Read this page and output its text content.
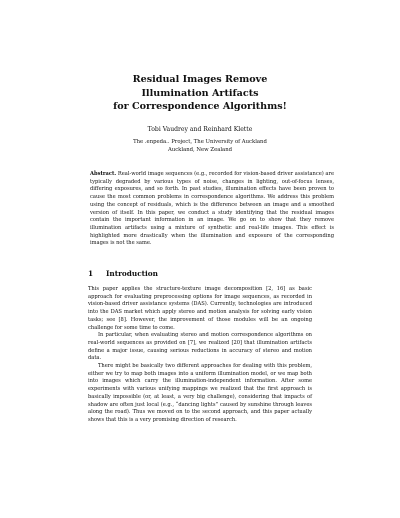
Residual Images Remove
Illumination Artifacts
for Correspondence Algorithms!
Tobi Vaudrey and Reinhard Klette
The .enpeda.. Project, The University of Auckland
Auckland, New Zealand
Abstract. Real-world image sequences (e.g., recorded for vision-based driver assistance) are typically degraded by various types of noise, changes in lighting, out-of-focus lenses, differing exposures, and so forth. In past studies, illumination effects have been proven to cause the most common problems in correspondence algorithms. We address this problem using the concept of residuals, which is the difference between an image and a smoothed version of itself. In this paper, we conduct a study identifying that the residual images contain the important information in an image. We go on to show that they remove illumination artifacts using a mixture of synthetic and real-life images. This effect is highlighted more drastically when the illumination and exposure of the corresponding images is not the same.
1 Introduction

This paper applies the structure-texture image decomposition [2, 16] as basic approach for evaluating preprocessing options for image sequences, as recorded in vision-based driver assistance systems (DAS). Currently, technologies are introduced into the DAS market which apply stereo and motion analysis for solving early vision tasks; see [8]. However, the improvement of those modules will be an ongoing challenge for some time to come.

In particular, when evaluating stereo and motion correspondence algorithms on real-world sequences as provided on [7], we realized [20] that illumination artifacts define a major issue, causing serious reductions in accuracy of stereo and motion data.

There might be basically two different approaches for dealing with this problem, either we try to map both images into a uniform illumination model, or we map both into images which carry the illumination-independent information. After some experiments with various unifying mappings we realized that the first approach is basically impossible (or, at least, a very big challenge), considering that impacts of shadow are often just local (e.g., “dancing lights” caused by sunshine through leaves along the road). Thus we moved on to the second approach, and this paper actually shows that this is a very promising direction of research.
